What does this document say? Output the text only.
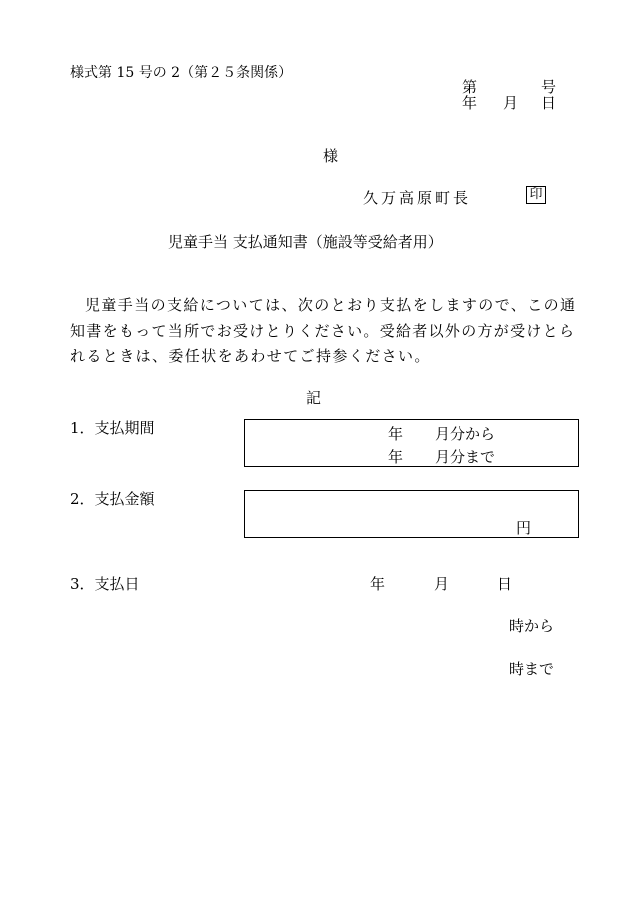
様式第 15 号の 2（第２５条関係）
第	号
年 月 日
様
久万高原町長	印
児童手当 支払通知書（施設等受給者用）
児童手当の支給については、次のとおり支払をしますので、この通
知書をもって当所でお受けとりください。受給者以外の方が受けとら
れるときは、委任状をあわせてご持参ください。
記
1．支払期間	年 月分から
年 月分まで
2．支払金額
円
3．支払日	年	月	日
時から
時まで
